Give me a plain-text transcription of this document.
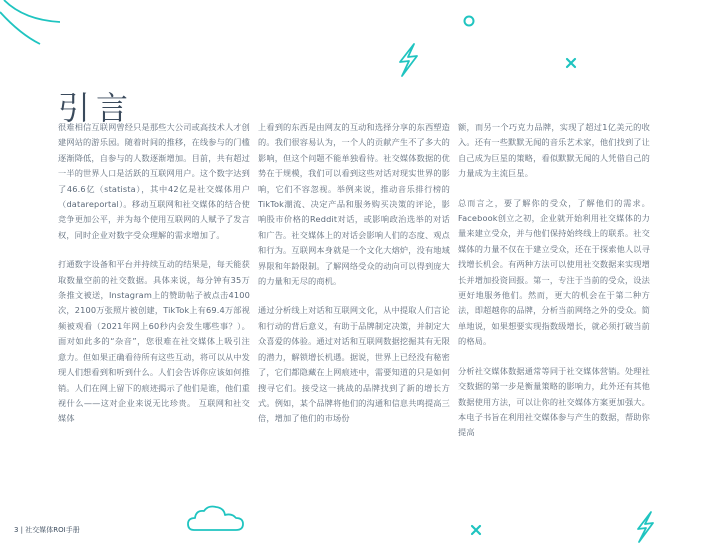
引言

很难相信互联网曾经只是那些大公司或高技术人才创建网站的游乐园。随着时间的推移，在线参与的门槛逐渐降低，自参与的人数逐渐增加。目前，共有超过一半的世界人口是活跃的互联网用户。这个数字达到了46.6亿（statista），其中42亿是社交媒体用户（datareportal）。移动互联网和社交媒体的结合使竞争更加公平，并为每个使用互联网的人赋予了发言权，同时企业对数字受众理解的需求增加了。

打通数字设备和平台并持续互动的结果是，每天能获取数量空前的社交数据。具体来说，每分钟有35万条推文被送，Instagram上的赞助帖子被点击4100次，2100万张照片被创建，TikTok上有69.4万部视频被观看（2021年网上60秒内会发生哪些事？）。面对如此多的“杂音”，您很难在社交媒体上吸引注意力。但如果正确看待所有这些互动，将可以从中发现人们想看到和听到什么。人们会告诉你应该如何推销。人们在网上留下的痕迹揭示了他们是谁，他们重视什么——这对企业来说无比珍贵。 互联网和社交媒体

上看到的东西是由网友的互动和选择分享的东西塑造的。我们很容易认为，一个人的贡献产生不了多大的影响，但这个问题不能单独看待。社交媒体数据的优势在于规模，我们可以看到这些对话对现实世界的影响，它们不容忽视。举例来说，推动音乐排行榜的TikTok潮流、决定产品和服务购买决策的评论，影响股市价格的Reddit对话，或影响政治选举的对话和广告。社交媒体上的对话会影响人们的态度、观点和行为。互联网本身就是一个文化大熔炉，没有地域界限和年龄限制。了解网络受众的动向可以得到庞大的力量和无尽的商机。

通过分析线上对话和互联网文化，从中提取人们言论和行动的背后意义，有助于品牌制定决策，并制定大众喜爱的体验。通过对话和互联网数据挖掘其有无限的潜力，解锁增长机遇。据说，世界上已经没有秘密了，它们都隐藏在上网痕迹中，需要知道的只是如何搜寻它们。接受这一挑战的品牌找到了新的增长方式。例如，某个品牌将他们的沟通和信息共鸣提高三倍，增加了他们的市场份

额，而另一个巧克力品牌，实现了超过1亿美元的收入。还有一些默默无闻的音乐艺术家，他们找到了让自己成为巨星的策略，看似默默无闻的人凭借自己的力量成为主流巨星。

总而言之，要了解你的受众，了解他们的需求。Facebook创立之初，企业就开始利用社交媒体的力量来建立受众，并与他们保持始终线上的联系。社交媒体的力量不仅在于建立受众，还在于探索他人以寻找增长机会。有两种方法可以使用社交数据来实现增长并增加投资回报。第一，专注于当前的受众，设法更好地服务他们。然而，更大的机会在于第二种方法，即超越你的品牌，分析当前网络之外的受众。简单地说，如果想要实现指数级增长，就必须打破当前的格局。

分析社交媒体数据通常等同于社交媒体营销。处理社交数据的第一步是衡量策略的影响力，此外还有其他数据使用方法，可以让你的社交媒体方案更加强大。本电子书旨在利用社交媒体参与产生的数据，帮助你提高

3 | 社交媒体ROI手册
